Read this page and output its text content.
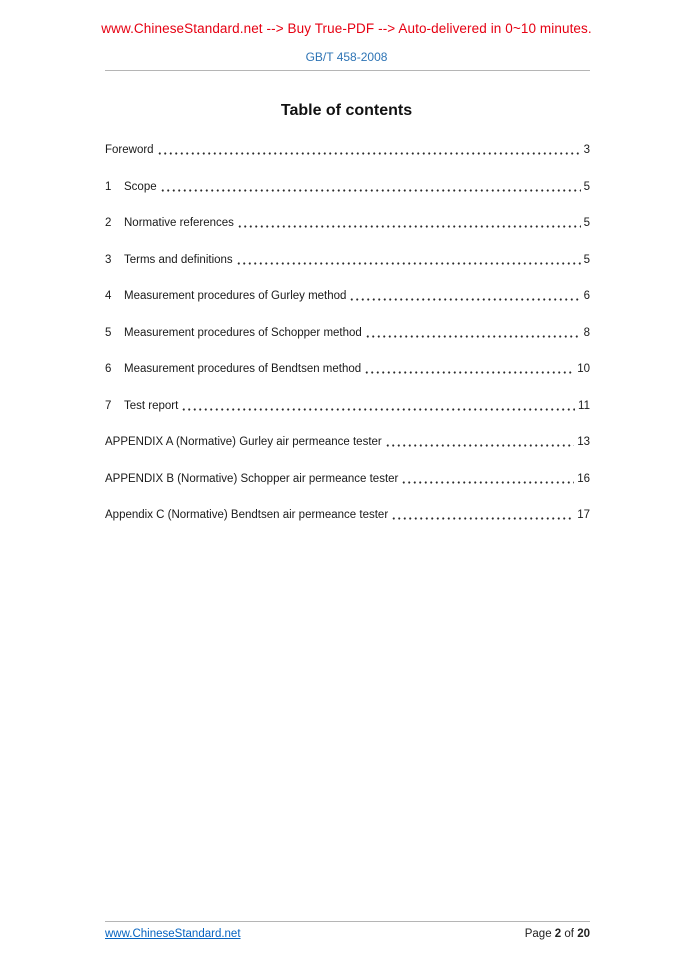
www.ChineseStandard.net --> Buy True-PDF --> Auto-delivered in 0~10 minutes.
GB/T 458-2008
Table of contents
Foreword	3
1	Scope	5
2	Normative references	5
3	Terms and definitions	5
4	Measurement procedures of Gurley method	6
5	Measurement procedures of Schopper method	8
6	Measurement procedures of Bendtsen method	10
7	Test report	11
APPENDIX A (Normative) Gurley air permeance tester	13
APPENDIX B (Normative) Schopper air permeance tester	16
Appendix C (Normative) Bendtsen air permeance tester	17
www.ChineseStandard.net	Page 2 of 20
